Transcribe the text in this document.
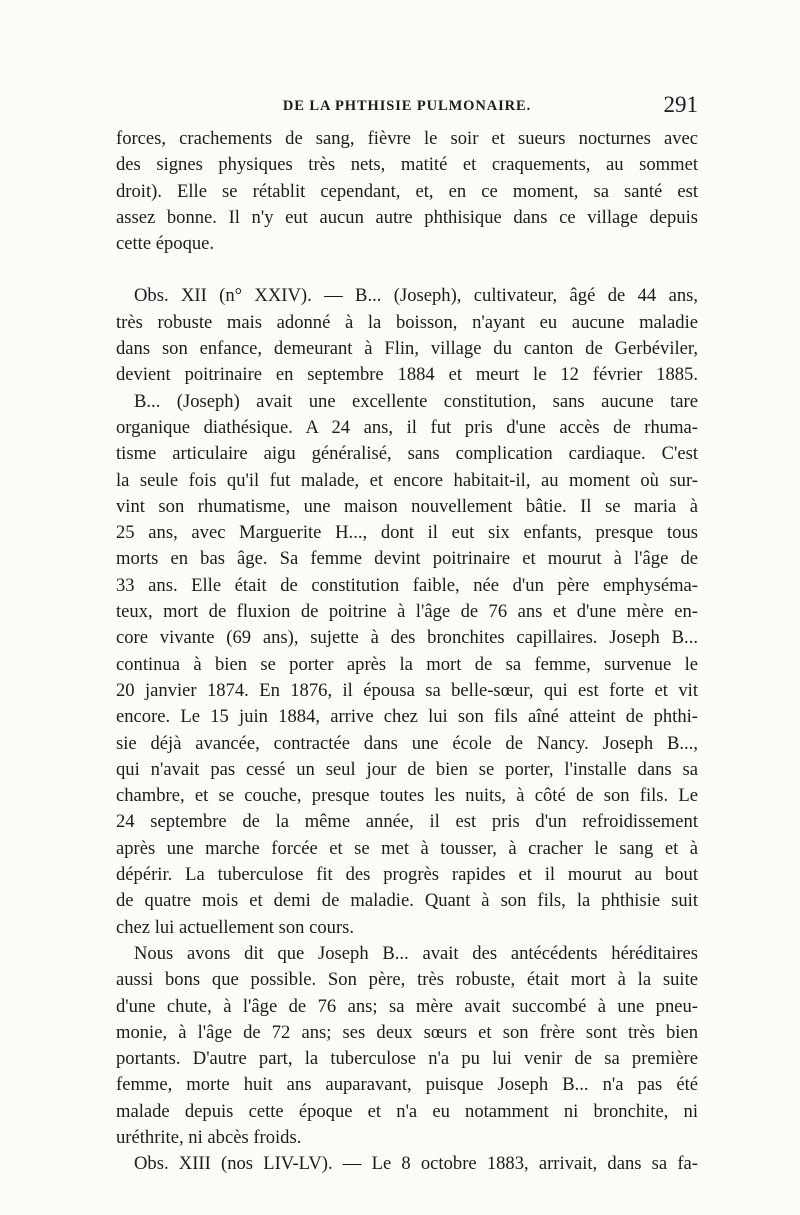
DE LA PHTHISIE PULMONAIRE.	291
forces, crachements de sang, fièvre le soir et sueurs nocturnes avec
des signes physiques très nets, matité et craquements, au sommet
droit). Elle se rétablit cependant, et, en ce moment, sa santé est
assez bonne. Il n'y eut aucun autre phthisique dans ce village depuis
cette époque.
Obs. XII (n° XXIV). — B... (Joseph), cultivateur, âgé de 44 ans,
très robuste mais adonné à la boisson, n'ayant eu aucune maladie
dans son enfance, demeurant à Flin, village du canton de Gerbéviler,
devient poitrinaire en septembre 1884 et meurt le 12 février 1885.
B... (Joseph) avait une excellente constitution, sans aucune tare
organique diathésique. A 24 ans, il fut pris d'une accès de rhuma-
tisme articulaire aigu généralisé, sans complication cardiaque. C'est
la seule fois qu'il fut malade, et encore habitait-il, au moment où sur-
vint son rhumatisme, une maison nouvellement bâtie. Il se maria à
25 ans, avec Marguerite H..., dont il eut six enfants, presque tous
morts en bas âge. Sa femme devint poitrinaire et mourut à l'âge de
33 ans. Elle était de constitution faible, née d'un père emphyséma-
teux, mort de fluxion de poitrine à l'âge de 76 ans et d'une mère en-
core vivante (69 ans), sujette à des bronchites capillaires. Joseph B...
continua à bien se porter après la mort de sa femme, survenue le
20 janvier 1874. En 1876, il épousa sa belle-sœur, qui est forte et vit
encore. Le 15 juin 1884, arrive chez lui son fils aîné atteint de phthi-
sie déjà avancée, contractée dans une école de Nancy. Joseph B...,
qui n'avait pas cessé un seul jour de bien se porter, l'installe dans sa
chambre, et se couche, presque toutes les nuits, à côté de son fils. Le
24 septembre de la même année, il est pris d'un refroidissement
après une marche forcée et se met à tousser, à cracher le sang et à
dépérir. La tuberculose fit des progrès rapides et il mourut au bout
de quatre mois et demi de maladie. Quant à son fils, la phthisie suit
chez lui actuellement son cours.
Nous avons dit que Joseph B... avait des antécédents héréditaires
aussi bons que possible. Son père, très robuste, était mort à la suite
d'une chute, à l'âge de 76 ans; sa mère avait succombé à une pneu-
monie, à l'âge de 72 ans; ses deux sœurs et son frère sont très bien
portants. D'autre part, la tuberculose n'a pu lui venir de sa première
femme, morte huit ans auparavant, puisque Joseph B... n'a pas été
malade depuis cette époque et n'a eu notamment ni bronchite, ni
uréthrite, ni abcès froids.
Obs. XIII (nos LIV-LV). — Le 8 octobre 1883, arrivait, dans sa fa-
